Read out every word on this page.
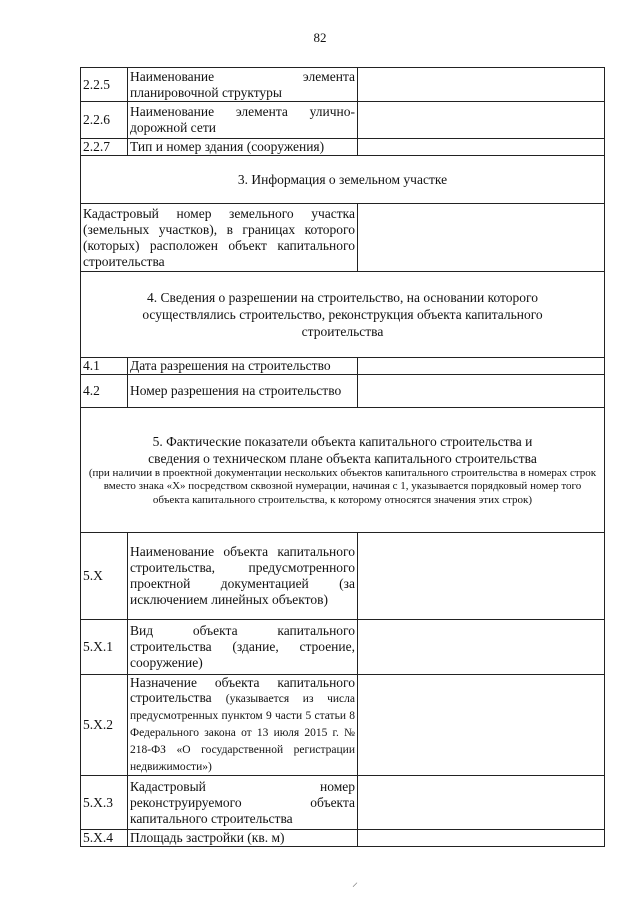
82
2.2.5	Наименование элемента планировочной структуры	
2.2.6	Наименование элемента улично-дорожной сети	
2.2.7	Тип и номер здания (сооружения)	
3. Информация о земельном участке		
Кадастровый номер земельного участка (земельных участков), в границах которого (которых) расположен объект капитального строительства		
4. Сведения о разрешении на строительство, на основании которого осуществлялись строительство, реконструкция объекта капитального строительства		
4.1	Дата разрешения на строительство	
4.2	Номер разрешения на строительство	

5. Фактические показатели объекта капитального строительства и сведения о техническом плане объекта капитального строительства
(при наличии в проектной документации нескольких объектов капитального строительства в номерах строк вместо знака «Х» посредством сквозной нумерации, начиная с 1, указывается порядковый номер того объекта капитального строительства, к которому относятся значения этих строк)		

5.X	Наименование объекта капитального строительства, предусмотренного проектной документацией (за исключением линейных объектов)	
5.X.1	Вид объекта капитального строительства (здание, строение, сооружение)	
5.X.2	Назначение объекта капитального строительства (указывается из числа предусмотренных пунктом 9 части 5 статьи 8 Федерального закона от 13 июля 2015 г. № 218-ФЗ «О государственной регистрации недвижимости»)	
5.X.3	Кадастровый номер реконструируемого объекта капитального строительства	
5.X.4	Площадь застройки (кв. м)	
⸝
